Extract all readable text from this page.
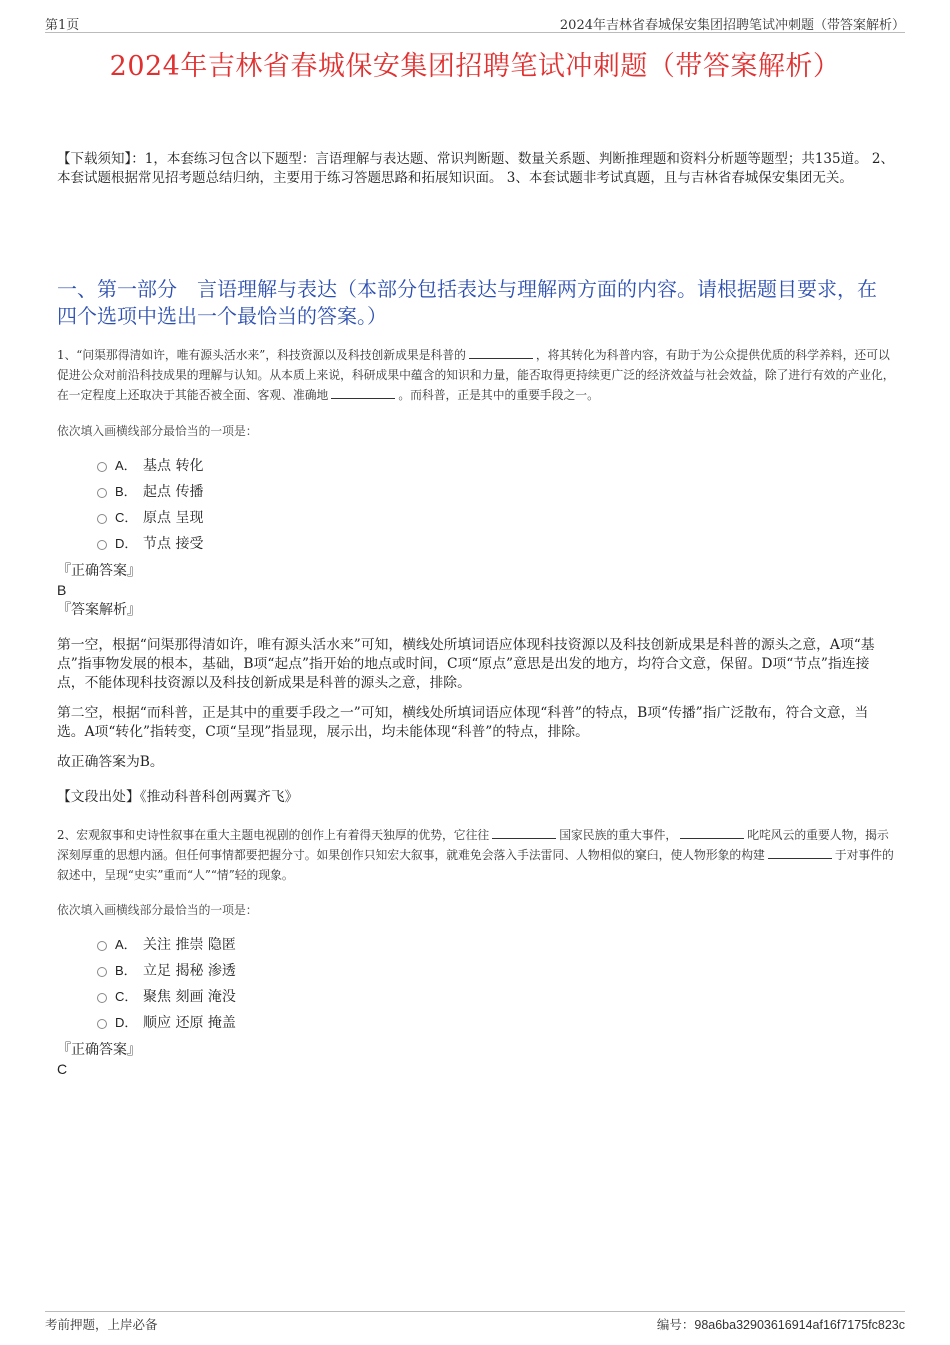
第1页	2024年吉林省春城保安集团招聘笔试冲刺题（带答案解析）
2024年吉林省春城保安集团招聘笔试冲刺题（带答案解析）
【下载须知】：1，本套练习包含以下题型：言语理解与表达题、常识判断题、数量关系题、判断推理题和资料分析题等题型；共135道。 2、本套试题根据常见招考题总结归纳，主要用于练习答题思路和拓展知识面。 3、本套试题非考试真题，且与吉林省春城保安集团无关。
一、第一部分　言语理解与表达（本部分包括表达与理解两方面的内容。请根据题目要求，在四个选项中选出一个最恰当的答案。）
1、“问渠那得清如许，唯有源头活水来”，科技资源以及科技创新成果是科普的	，将其转化为科普内容，有助于为公众提供优质的科学养料，还可以促进公众对前沿科技成果的理解与认知。从本质上来说，科研成果中蕴含的知识和力量，能否取得更持续更广泛的经济效益与社会效益，除了进行有效的产业化，在一定程度上还取决于其能否被全面、客观、准确地	。而科普，正是其中的重要手段之一。
依次填入画横线部分最恰当的一项是：
A． 基点 转化
B． 起点 传播
C． 原点 呈现
D． 节点 接受
『正确答案』
B
『答案解析』

第一空，根据“问渠那得清如许，唯有源头活水来”可知，横线处所填词语应体现科技资源以及科技创新成果是科普的源头之意，A项“基点”指事物发展的根本，基础，B项“起点”指开始的地点或时间，C项“原点”意思是出发的地方，均符合文意，保留。D项“节点”指连接点，不能体现科技资源以及科技创新成果是科普的源头之意，排除。

第二空，根据“而科普，正是其中的重要手段之一”可知，横线处所填词语应体现“科普”的特点，B项“传播”指广泛散布，符合文意，当选。A项“转化”指转变，C项“呈现”指显现，展示出，均未能体现“科普”的特点，排除。

故正确答案为B。

【文段出处】《推动科普科创两翼齐飞》

2、宏观叙事和史诗性叙事在重大主题电视剧的创作上有着得天独厚的优势，它往往	国家民族的重大事件，	叱咤风云的重要人物，揭示深刻厚重的思想内涵。但任何事情都要把握分寸。如果创作只知宏大叙事，就难免会落入手法雷同、人物相似的窠臼，使人物形象的构建	于对事件的叙述中，呈现“史实”重而“人”“情”轻的现象。
依次填入画横线部分最恰当的一项是：
A． 关注 推崇 隐匿
B． 立足 揭秘 渗透
C． 聚焦 刻画 淹没
D． 顺应 还原 掩盖
『正确答案』
C
考前押题，上岸必备	编号：98a6ba32903616914af16f7175fc823c
